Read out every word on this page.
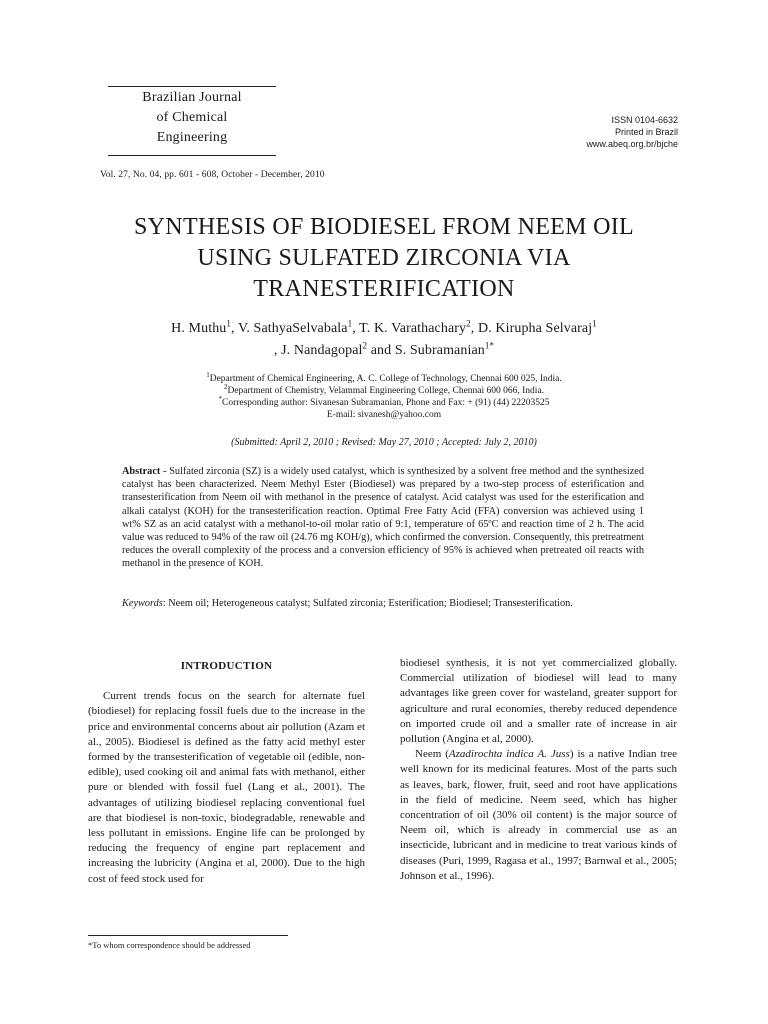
Brazilian Journal
of Chemical
Engineering
ISSN 0104-6632
Printed in Brazil
www.abeq.org.br/bjche
Vol. 27, No. 04, pp. 601 - 608, October - December, 2010
SYNTHESIS OF BIODIESEL FROM NEEM OIL
USING SULFATED ZIRCONIA VIA
TRANESTERIFICATION
H. Muthu$^1$, V. SathyaSelvabala$^1$, T. K. Varathachary$^2$, D. Kirupha Selvaraj$^1$
, J. Nandagopal$^2$ and S. Subramanian$^{1*}$
$^1$Department of Chemical Engineering, A. C. College of Technology, Chennai 600 025, India.
$^2$Department of Chemistry, Velammal Engineering College, Chennai 600 066, India.
*Corresponding author: Sivanesan Subramanian, Phone and Fax: + (91) (44) 22203525
E-mail: sivanesh@yahoo.com
(Submitted: April 2, 2010 ; Revised: May 27, 2010 ; Accepted: July 2, 2010)
Abstract - Sulfated zirconia (SZ) is a widely used catalyst, which is synthesized by a solvent free method and the synthesized catalyst has been characterized. Neem Methyl Ester (Biodiesel) was prepared by a two-step process of esterification and transesterification from Neem oil with methanol in the presence of catalyst. Acid catalyst was used for the esterification and alkali catalyst (KOH) for the transesterification reaction. Optimal Free Fatty Acid (FFA) conversion was achieved using 1 wt% SZ as an acid catalyst with a methanol-to-oil molar ratio of 9:1, temperature of 65ºC and reaction time of 2 h. The acid value was reduced to 94% of the raw oil (24.76 mg KOH/g), which confirmed the conversion. Consequently, this pretreatment reduces the overall complexity of the process and a conversion efficiency of 95% is achieved when pretreated oil reacts with methanol in the presence of KOH.
Keywords: Neem oil; Heterogeneous catalyst; Sulfated zirconia; Esterification; Biodiesel; Transesterification.
INTRODUCTION

Current trends focus on the search for alternate fuel (biodiesel) for replacing fossil fuels due to the increase in the price and environmental concerns about air pollution (Azam et al., 2005). Biodiesel is defined as the fatty acid methyl ester formed by the transesterification of vegetable oil (edible, non-edible), used cooking oil and animal fats with methanol, either pure or blended with fossil fuel (Lang et al., 2001). The advantages of utilizing biodiesel replacing conventional fuel are that biodiesel is non-toxic, biodegradable, renewable and less pollutant in emissions. Engine life can be prolonged by reducing the frequency of engine part replacement and increasing the lubricity (Angina et al, 2000). Due to the high cost of feed stock used for

biodiesel synthesis, it is not yet commercialized globally. Commercial utilization of biodiesel will lead to many advantages like green cover for wasteland, greater support for agriculture and rural economies, thereby reduced dependence on imported crude oil and a smaller rate of increase in air pollution (Angina et al, 2000).

Neem (Azadirochta indica A. Juss) is a native Indian tree well known for its medicinal features. Most of the parts such as leaves, bark, flower, fruit, seed and root have applications in the field of medicine. Neem seed, which has higher concentration of oil (30% oil content) is the major source of Neem oil, which is already in commercial use as an insecticide, lubricant and in medicine to treat various kinds of diseases (Puri, 1999, Ragasa et al., 1997; Barnwal et al., 2005; Johnson et al., 1996).

*To whom correspondence should be addressed
